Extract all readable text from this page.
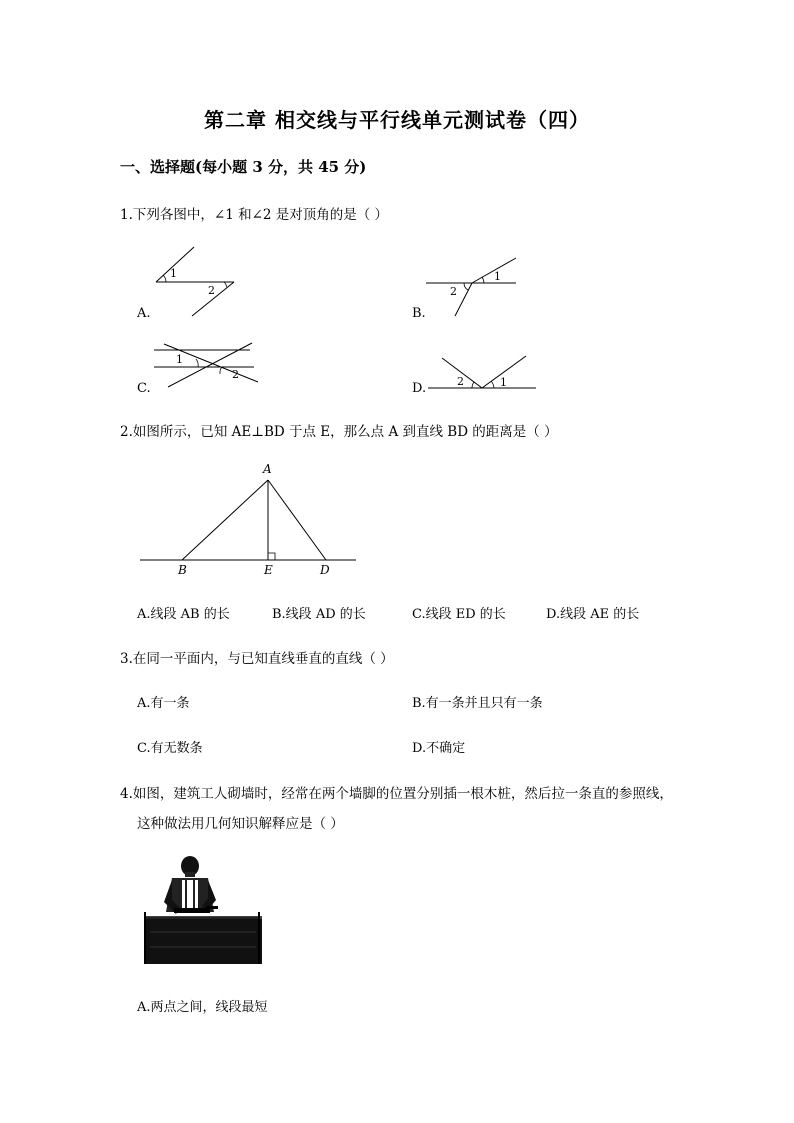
第二章 相交线与平行线单元测试卷（四）
一、选择题(每小题 3 分，共 45 分)
1.下列各图中，∠1 和∠2 是对顶角的是（ ）
1
2
A.
1
2
B.
1
2
C.	2	1
D.
2.如图所示，已知 AE⊥BD 于点 E，那么点 A 到直线 BD 的距离是（ ）
A
B	E	D
A.线段 AB 的长	B.线段 AD 的长	C.线段 ED 的长	D.线段 AE 的长
3.在同一平面内，与已知直线垂直的直线（ ）
A.有一条	B.有一条并且只有一条
C.有无数条	D.不确定
4.如图，建筑工人砌墙时，经常在两个墙脚的位置分别插一根木桩，然后拉一条直的参照线，
这种做法用几何知识解释应是（ ）
A.两点之间，线段最短
